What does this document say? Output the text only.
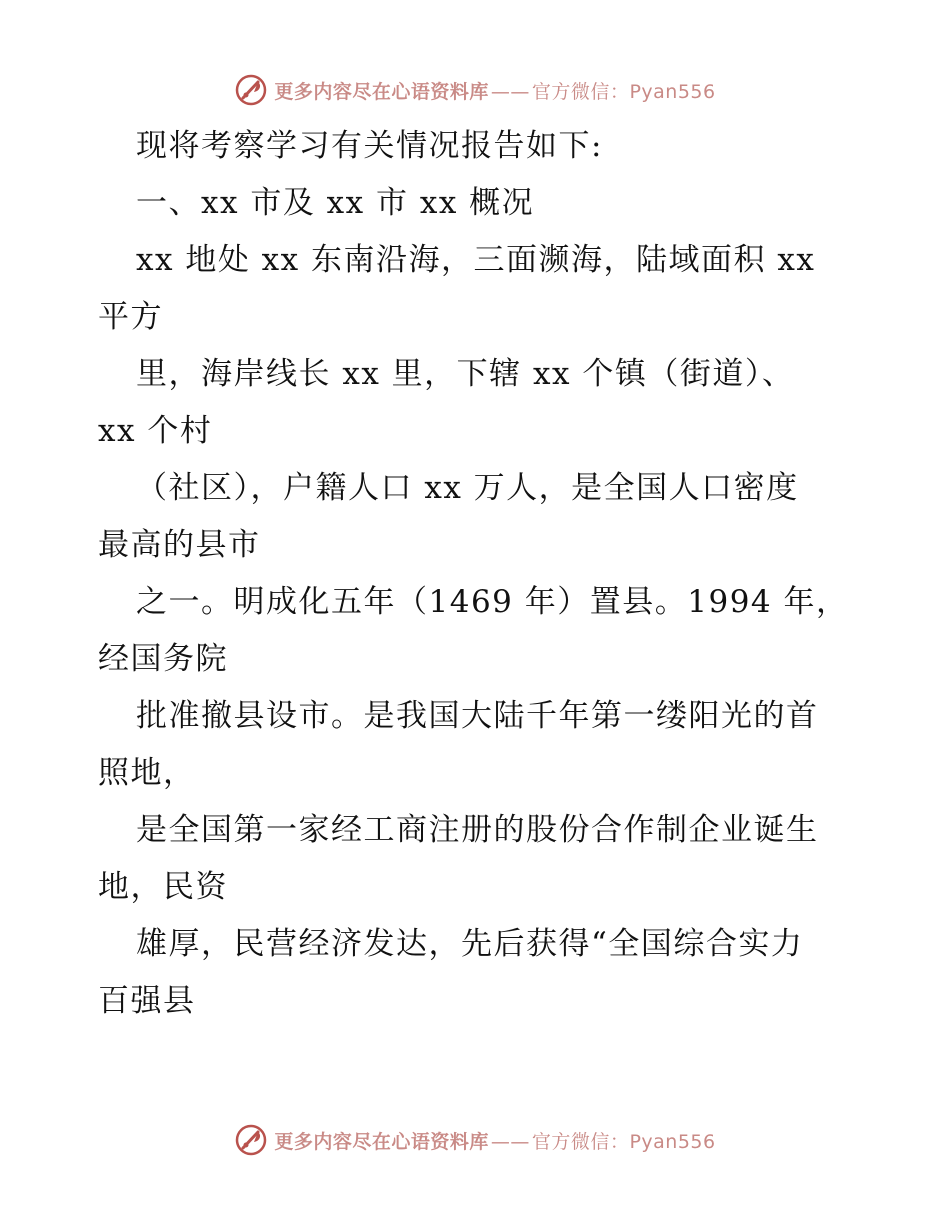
更多内容尽在心语资料库 —— 官方微信：Pyan556
现将考察学习有关情况报告如下:
一、xx 市及 xx 市 xx 概况
xx 地处 xx 东南沿海，三面濒海，陆域面积 xx
平方
里，海岸线长 xx 里，下辖 xx 个镇（街道）、
xx 个村
（社区），户籍人口 xx 万人，是全国人口密度
最高的县市
之一。明成化五年（1469 年）置县。1994 年，
经国务院
批准撤县设市。是我国大陆千年第一缕阳光的首
照地，
是全国第一家经工商注册的股份合作制企业诞生
地，民资
雄厚，民营经济发达，先后获得“全国综合实力
百强县
更多内容尽在心语资料库 —— 官方微信：Pyan556
